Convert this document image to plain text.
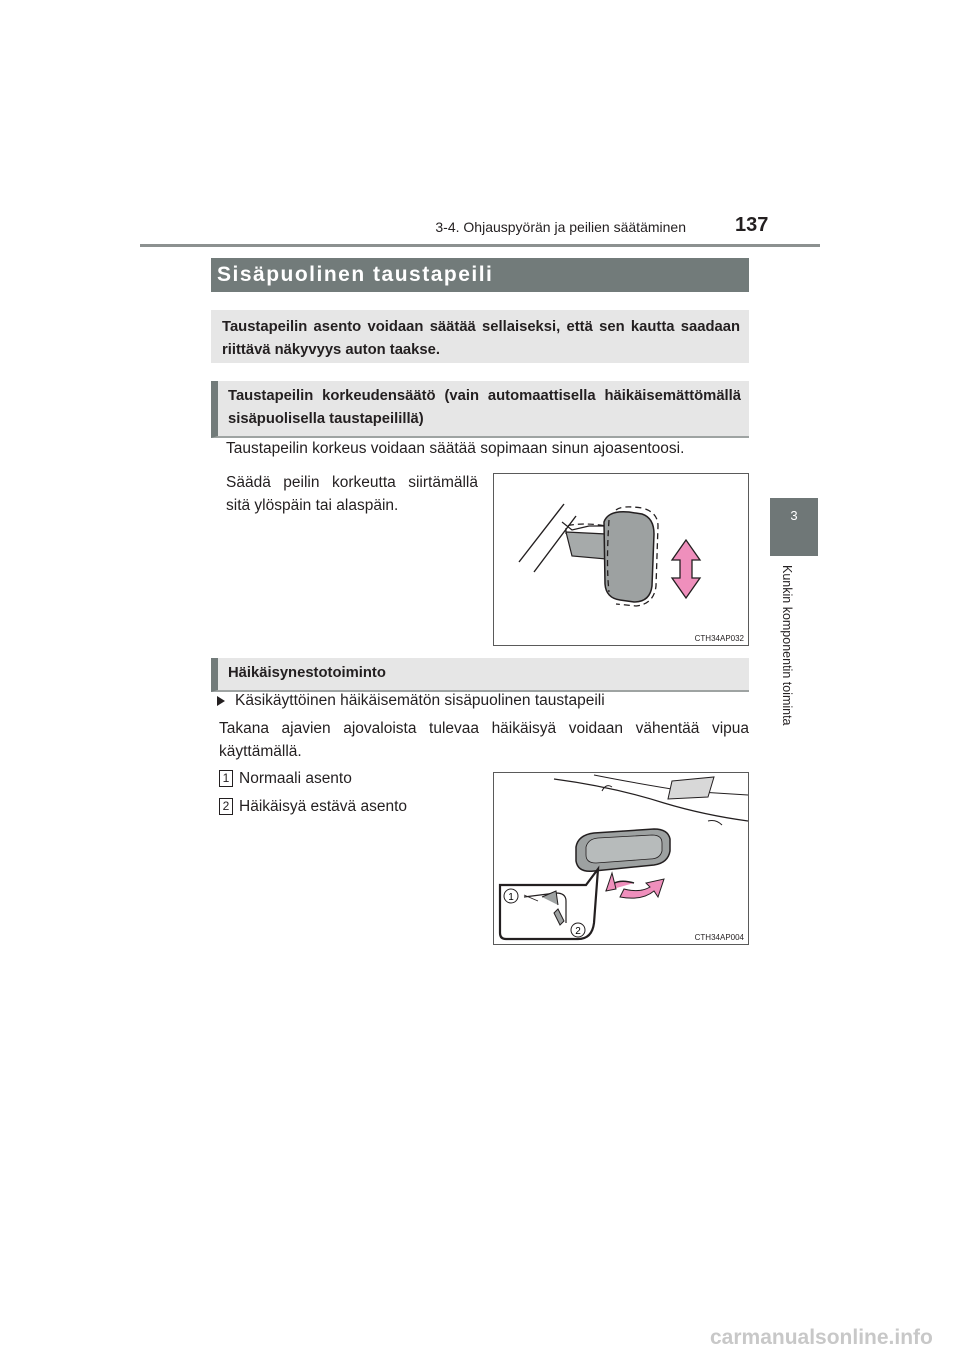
3-4. Ohjauspyörän ja peilien säätäminen 137
3
Kunkin komponentin toiminta
Sisäpuolinen taustapeili
Taustapeilin asento voidaan säätää sellaiseksi, että sen kautta saadaan riittävä näkyvyys auton taakse.
Taustapeilin korkeudensäätö (vain automaattisella häikäisemättömällä sisäpuolisella taustapeilillä)
Taustapeilin korkeus voidaan säätää sopimaan sinun ajoasentoosi.
Säädä peilin korkeutta siirtämällä sitä ylöspäin tai alaspäin.
CTH34AP032
Häikäisynestotoiminto
Käsikäyttöinen häikäisemätön sisäpuolinen taustapeili
Takana ajavien ajovaloista tulevaa häikäisyä voidaan vähentää vipua käyttämällä.
1 Normaali asento
2 Häikäisyä estävä asento
1
2
CTH34AP004
carmanualsonline.info
